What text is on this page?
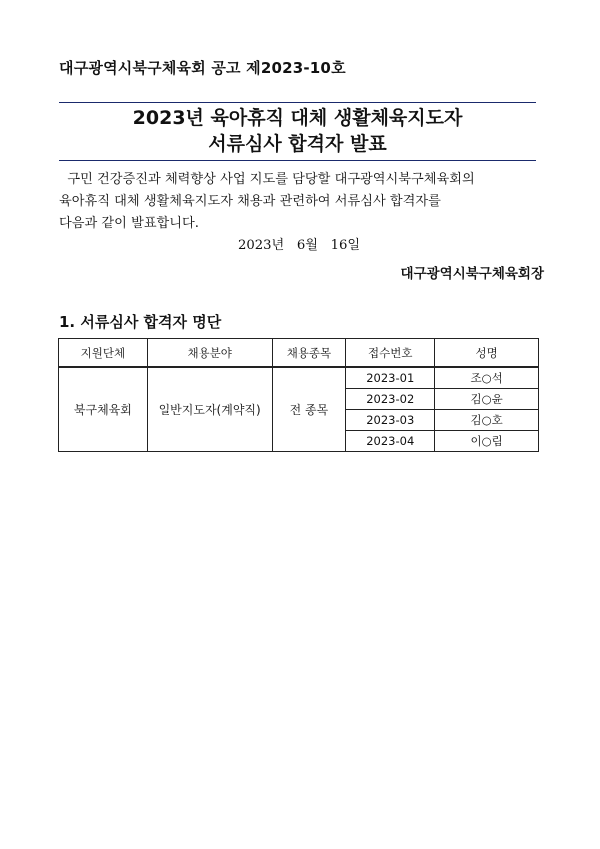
대구광역시북구체육회 공고 제2023-10호
2023년 육아휴직 대체 생활체육지도자
서류심사 합격자 발표
구민 건강증진과 체력향상 사업 지도를 담당할 대구광역시북구체육회의
육아휴직 대체 생활체육지도자 채용과 관련하여 서류심사 합격자를
다음과 같이 발표합니다.
2023년   6월   16일
대구광역시북구체육회장
1. 서류심사 합격자 명단
지원단체	채용분야	채용종목	접수번호	성명
북구체육회	일반지도자(계약직)	전 종목	2023-01	조○석
			2023-02	김○윤
			2023-03	김○호
			2023-04	이○림
